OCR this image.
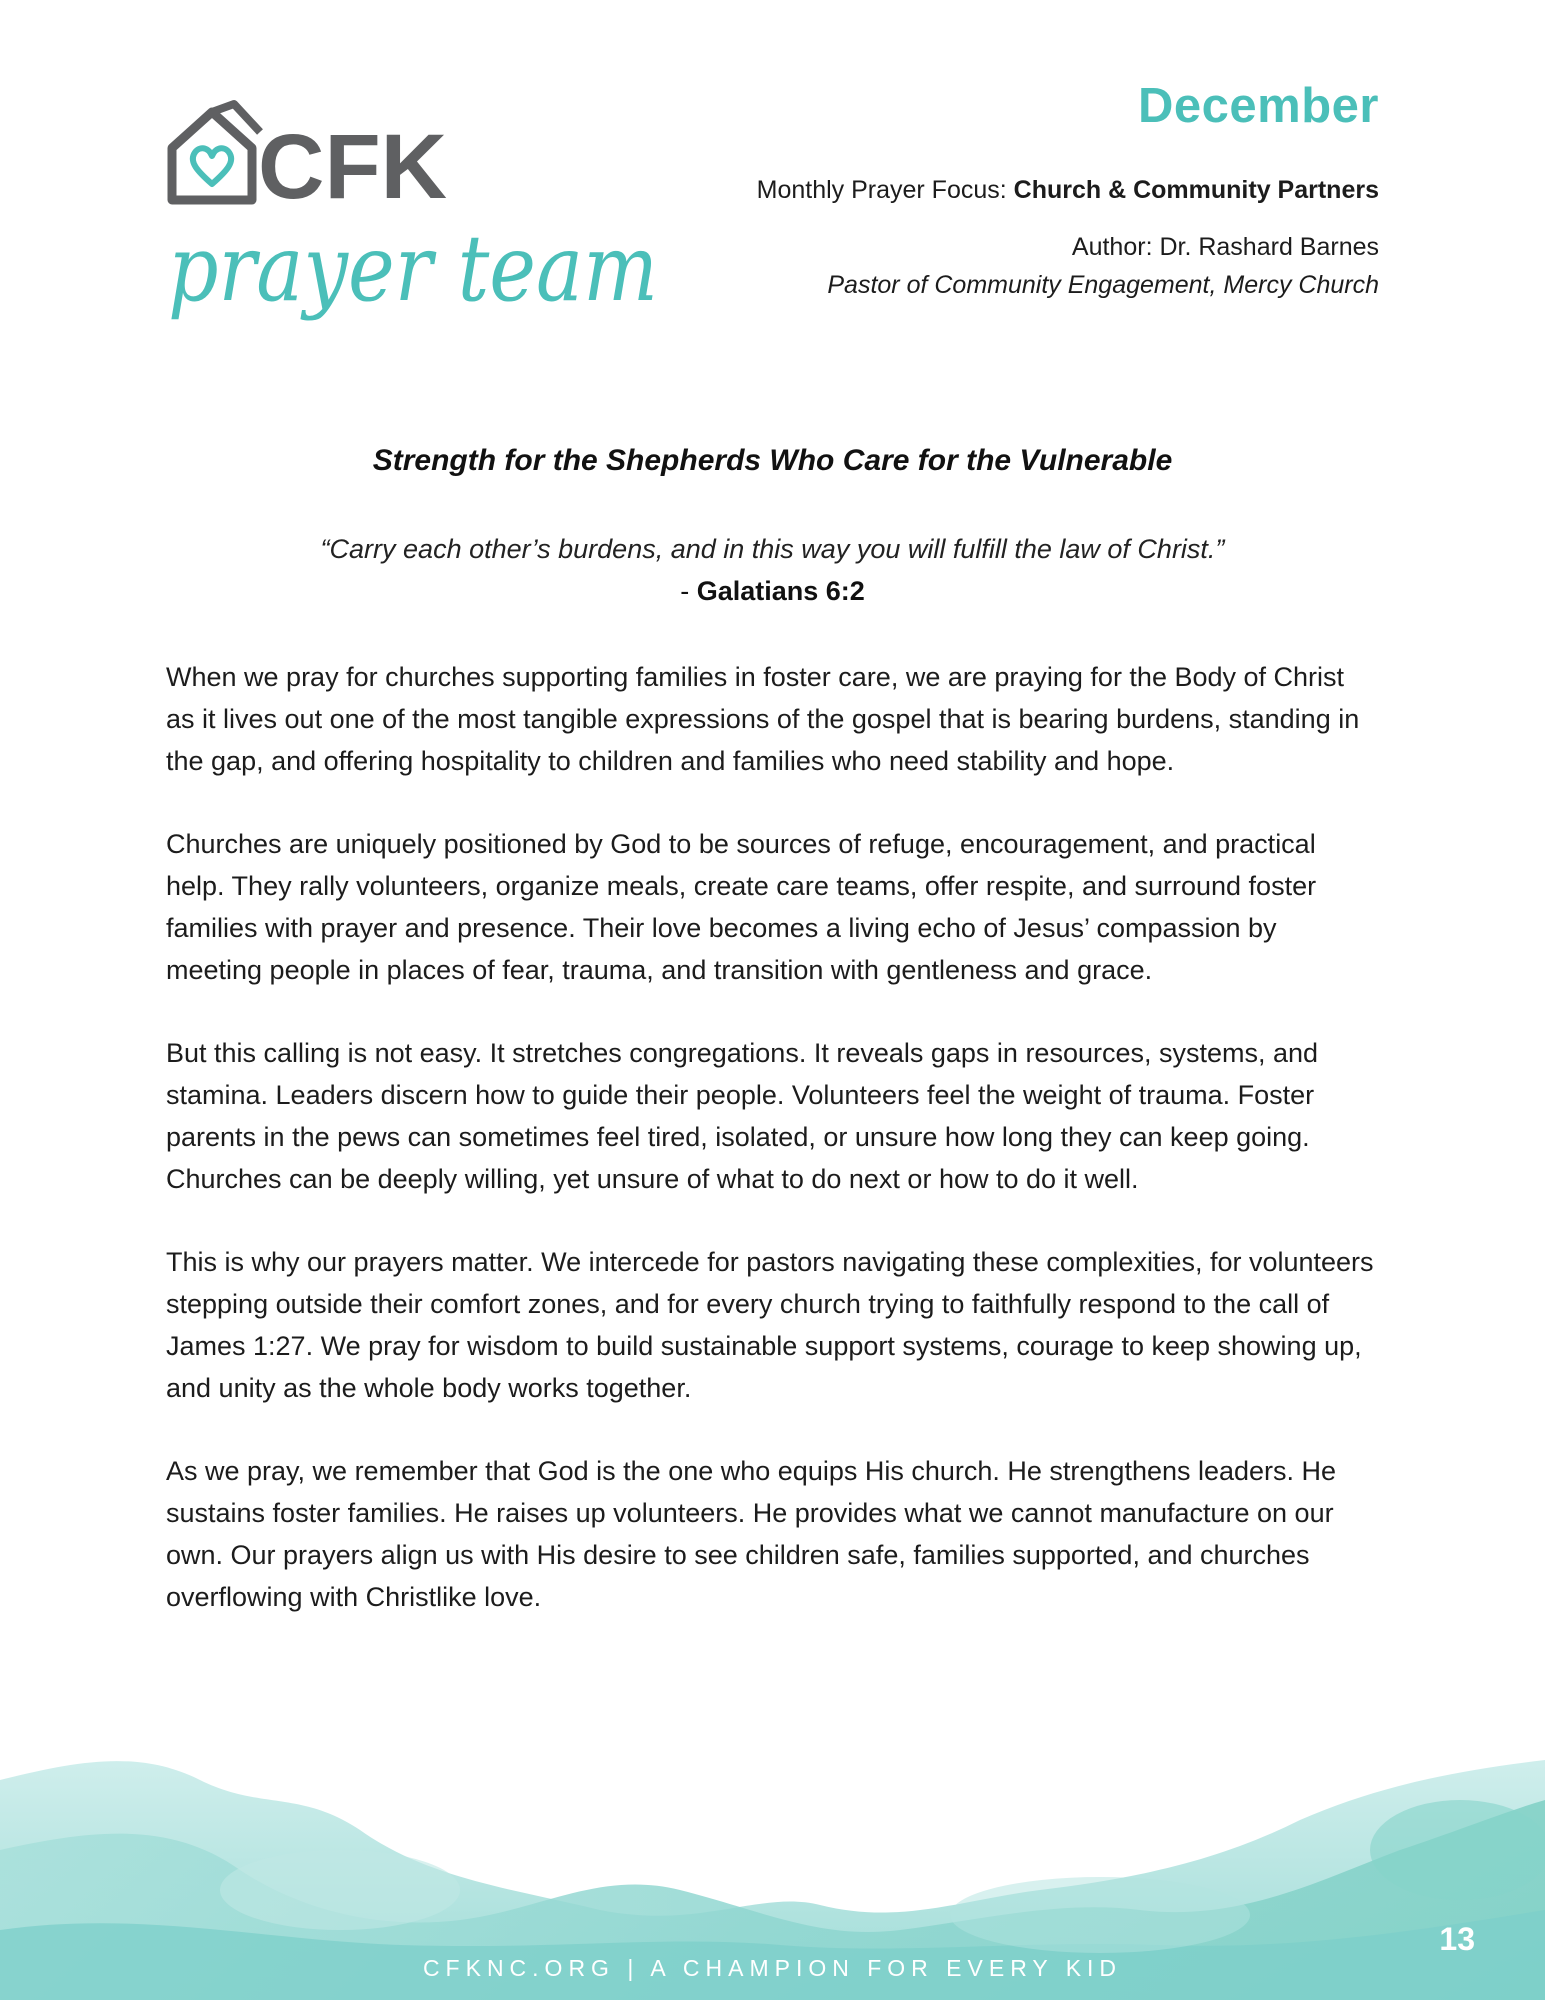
CFK
prayer team
December
Monthly Prayer Focus: Church & Community Partners
Author: Dr. Rashard Barnes
Pastor of Community Engagement, Mercy Church
Strength for the Shepherds Who Care for the Vulnerable
“Carry each other’s burdens, and in this way you will fulfill the law of Christ.”
- Galatians 6:2

When we pray for churches supporting families in foster care, we are praying for the Body of Christ as it lives out one of the most tangible expressions of the gospel that is bearing burdens, standing in the gap, and offering hospitality to children and families who need stability and hope.

Churches are uniquely positioned by God to be sources of refuge, encouragement, and practical help. They rally volunteers, organize meals, create care teams, offer respite, and surround foster families with prayer and presence. Their love becomes a living echo of Jesus’ compassion by meeting people in places of fear, trauma, and transition with gentleness and grace.

But this calling is not easy. It stretches congregations. It reveals gaps in resources, systems, and stamina. Leaders discern how to guide their people. Volunteers feel the weight of trauma. Foster parents in the pews can sometimes feel tired, isolated, or unsure how long they can keep going. Churches can be deeply willing, yet unsure of what to do next or how to do it well.

This is why our prayers matter. We intercede for pastors navigating these complexities, for volunteers stepping outside their comfort zones, and for every church trying to faithfully respond to the call of James 1:27. We pray for wisdom to build sustainable support systems, courage to keep showing up, and unity as the whole body works together.

As we pray, we remember that God is the one who equips His church. He strengthens leaders. He sustains foster families. He raises up volunteers. He provides what we cannot manufacture on our own. Our prayers align us with His desire to see children safe, families supported, and churches overflowing with Christlike love.

CFKNC.ORG | A CHAMPION FOR EVERY KID
13
